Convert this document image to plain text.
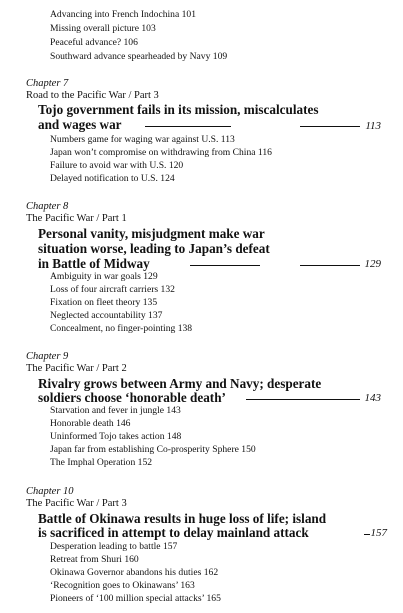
Advancing into French Indochina 101
Missing overall picture 103
Peaceful advance? 106
Southward advance spearheaded by Navy 109
Chapter 7
Road to the Pacific War / Part 3
Tojo government fails in its mission, miscalculates
and wages war	113
Numbers game for waging war against U.S. 113
Japan won’t compromise on withdrawing from China 116
Failure to avoid war with U.S. 120
Delayed notification to U.S. 124
Chapter 8
The Pacific War / Part 1
Personal vanity, misjudgment make war
situation worse, leading to Japan’s defeat
in Battle of Midway	129
Ambiguity in war goals 129
Loss of four aircraft carriers 132
Fixation on fleet theory 135
Neglected accountability 137
Concealment, no finger-pointing 138
Chapter 9
The Pacific War / Part 2
Rivalry grows between Army and Navy; desperate
soldiers choose ‘honorable death’	143
Starvation and fever in jungle 143
Honorable death 146
Uninformed Tojo takes action 148
Japan far from establishing Co-prosperity Sphere 150
The Imphal Operation 152
Chapter 10
The Pacific War / Part 3
Battle of Okinawa results in huge loss of life; island
is sacrificed in attempt to delay mainland attack	157
Desperation leading to battle 157
Retreat from Shuri 160
Okinawa Governor abandons his duties 162
‘Recognition goes to Okinawans’ 163
Pioneers of ‘100 million special attacks’ 165
